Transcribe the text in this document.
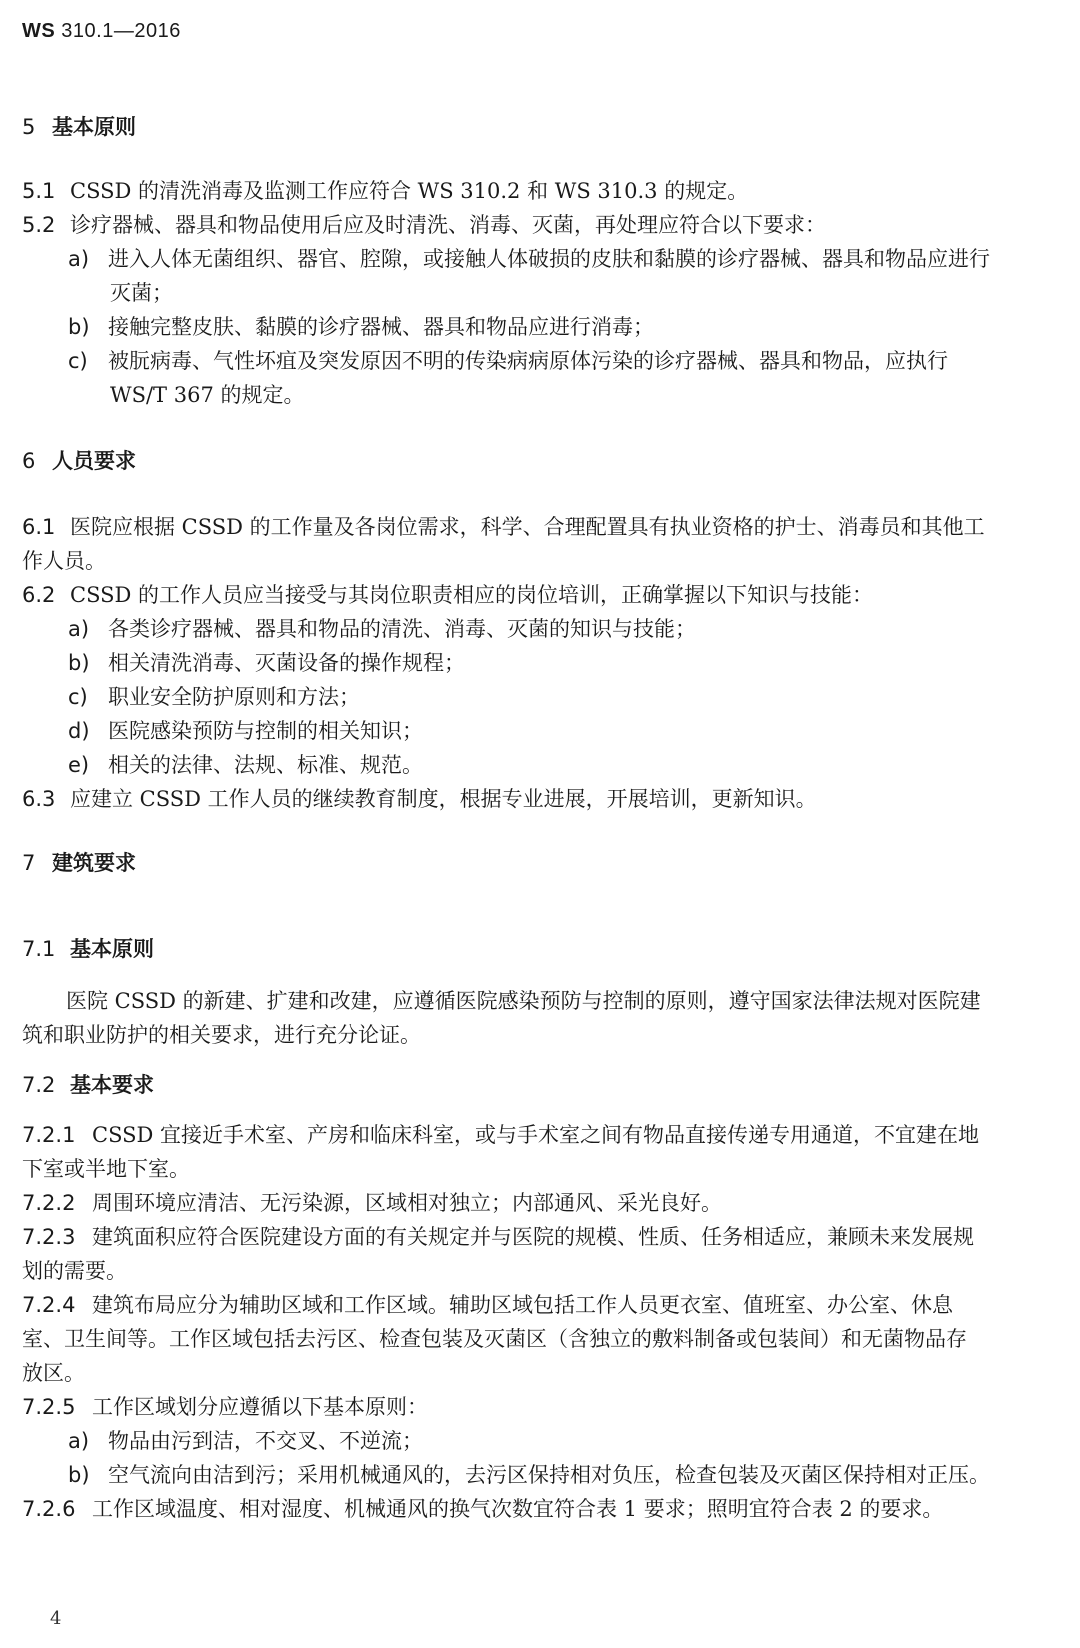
WS 310.1—2016
5 基本原则
5.1 CSSD 的清洗消毒及监测工作应符合 WS 310.2 和 WS 310.3 的规定。
5.2 诊疗器械、器具和物品使用后应及时清洗、消毒、灭菌，再处理应符合以下要求：
a) 进入人体无菌组织、器官、腔隙，或接触人体破损的皮肤和黏膜的诊疗器械、器具和物品应进行
灭菌；
b) 接触完整皮肤、黏膜的诊疗器械、器具和物品应进行消毒；
c) 被朊病毒、气性坏疽及突发原因不明的传染病病原体污染的诊疗器械、器具和物品，应执行
WS/T 367 的规定。
6 人员要求
6.1 医院应根据 CSSD 的工作量及各岗位需求，科学、合理配置具有执业资格的护士、消毒员和其他工
作人员。
6.2 CSSD 的工作人员应当接受与其岗位职责相应的岗位培训，正确掌握以下知识与技能：
a) 各类诊疗器械、器具和物品的清洗、消毒、灭菌的知识与技能；
b) 相关清洗消毒、灭菌设备的操作规程；
c) 职业安全防护原则和方法；
d) 医院感染预防与控制的相关知识；
e) 相关的法律、法规、标准、规范。
6.3 应建立 CSSD 工作人员的继续教育制度，根据专业进展，开展培训，更新知识。
7 建筑要求
7.1 基本原则
医院 CSSD 的新建、扩建和改建，应遵循医院感染预防与控制的原则，遵守国家法律法规对医院建
筑和职业防护的相关要求，进行充分论证。
7.2 基本要求
7.2.1 CSSD 宜接近手术室、产房和临床科室，或与手术室之间有物品直接传递专用通道，不宜建在地
下室或半地下室。
7.2.2 周围环境应清洁、无污染源，区域相对独立；内部通风、采光良好。
7.2.3 建筑面积应符合医院建设方面的有关规定并与医院的规模、性质、任务相适应，兼顾未来发展规
划的需要。
7.2.4 建筑布局应分为辅助区域和工作区域。辅助区域包括工作人员更衣室、值班室、办公室、休息
室、卫生间等。工作区域包括去污区、检查包装及灭菌区（含独立的敷料制备或包装间）和无菌物品存
放区。
7.2.5 工作区域划分应遵循以下基本原则：
a) 物品由污到洁，不交叉、不逆流；
b) 空气流向由洁到污；采用机械通风的，去污区保持相对负压，检查包装及灭菌区保持相对正压。
7.2.6 工作区域温度、相对湿度、机械通风的换气次数宜符合表 1 要求；照明宜符合表 2 的要求。
4
